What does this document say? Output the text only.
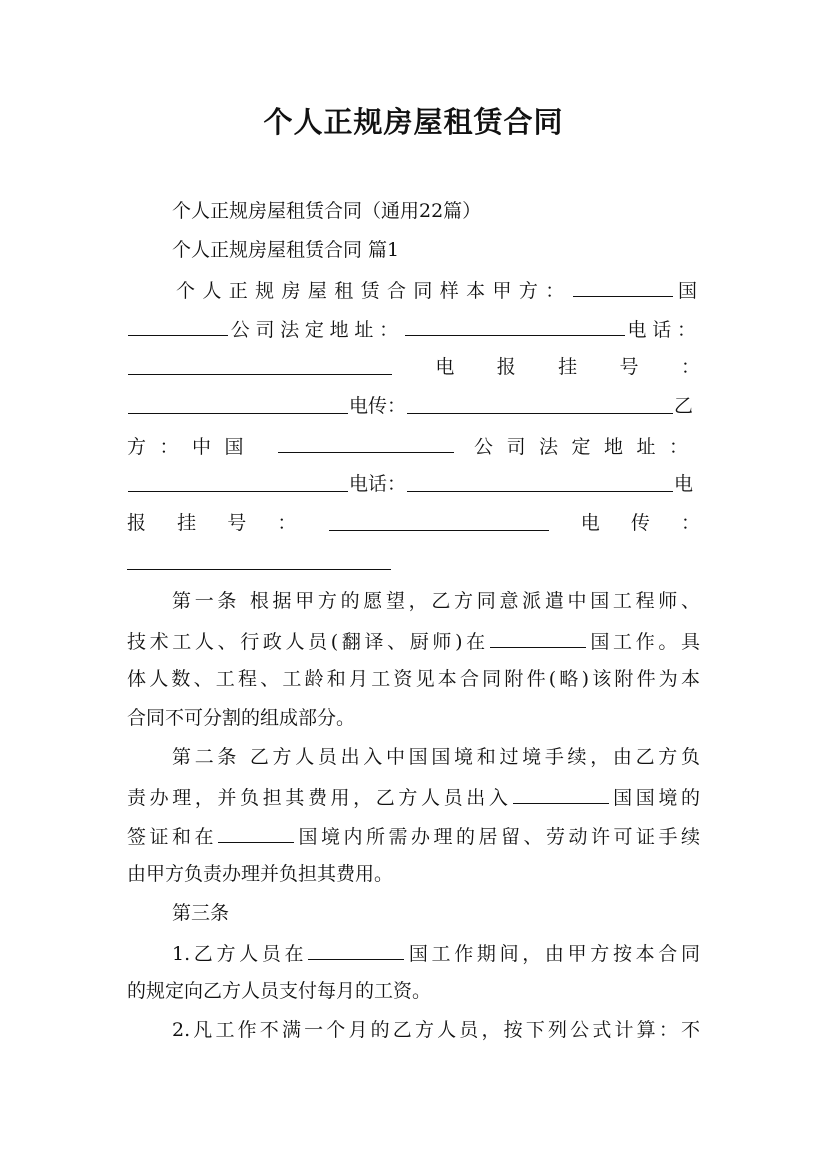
个人正规房屋租赁合同
个人正规房屋租赁合同（通用22篇）
个人正规房屋租赁合同 篇1
个人正规房屋租赁合同样本甲方：	国
公司法定地址：	电话：
电 报 挂 号 ：
电传：	乙
方：中国	公司法定地址：
电话：	电
报 挂 号 ：	电 传 ：
第一条 根据甲方的愿望，乙方同意派遣中国工程师、
技术工人、行政人员(翻译、厨师)在	国工作。具
体人数、工程、工龄和月工资见本合同附件(略)该附件为本
合同不可分割的组成部分。
第二条 乙方人员出入中国国境和过境手续，由乙方负
责办理，并负担其费用，乙方人员出入	国国境的
签证和在	国境内所需办理的居留、劳动许可证手续
由甲方负责办理并负担其费用。
第三条
1.乙方人员在	国工作期间，由甲方按本合同
的规定向乙方人员支付每月的工资。
2.凡工作不满一个月的乙方人员，按下列公式计算：不
